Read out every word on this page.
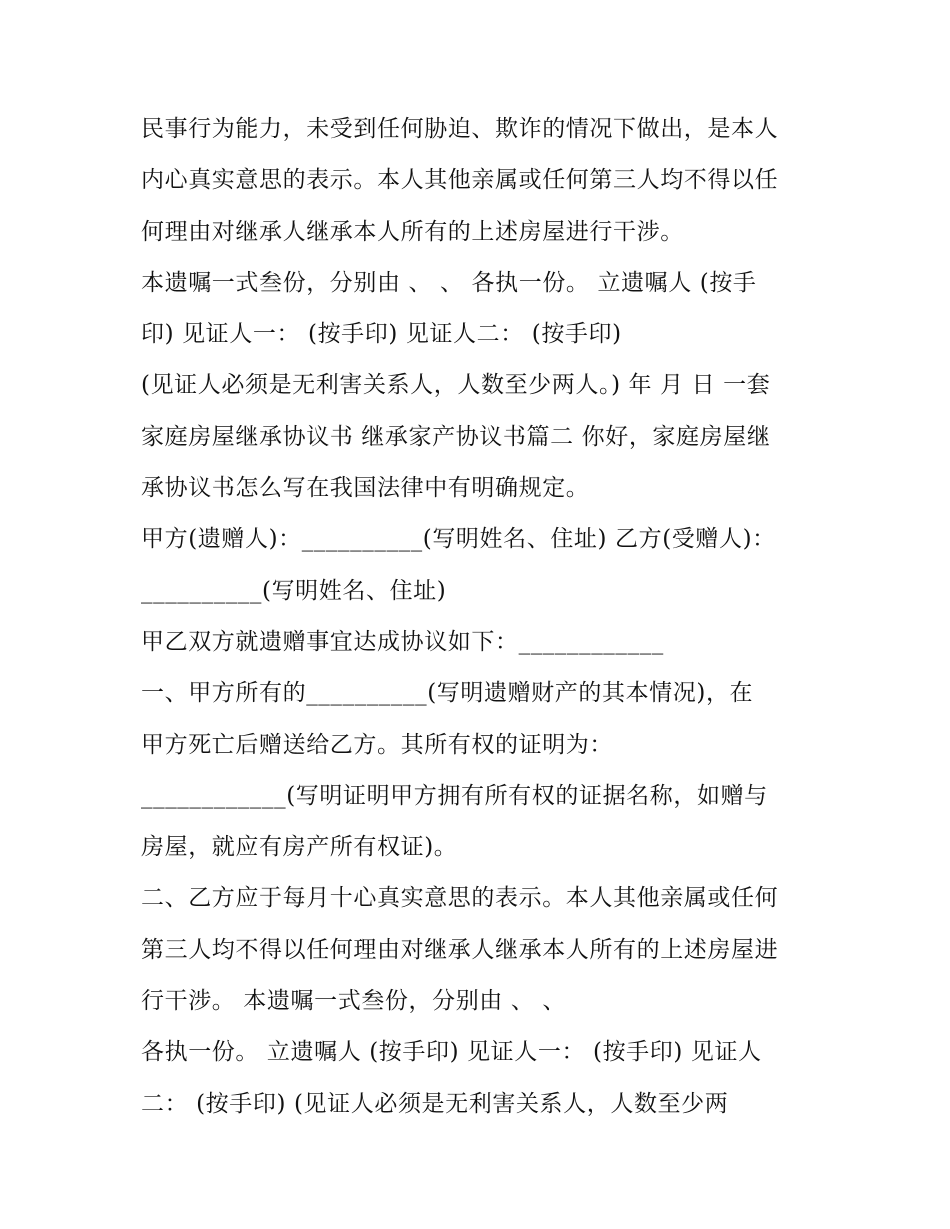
民事行为能力，未受到任何胁迫、欺诈的情况下做出，是本人
内心真实意思的表示。本人其他亲属或任何第三人均不得以任
何理由对继承人继承本人所有的上述房屋进行干涉。
本遗嘱一式叁份，分别由 、 、 各执一份。 立遗嘱人 (按手
印) 见证人一： (按手印) 见证人二： (按手印)
(见证人必须是无利害关系人，人数至少两人。) 年 月 日 一套
家庭房屋继承协议书 继承家产协议书篇二 你好，家庭房屋继
承协议书怎么写在我国法律中有明确规定。
甲方(遗赠人)：__________(写明姓名、住址) 乙方(受赠人)：
__________(写明姓名、住址)
甲乙双方就遗赠事宜达成协议如下：____________
一、甲方所有的__________(写明遗赠财产的其本情况)，在
甲方死亡后赠送给乙方。其所有权的证明为：
____________(写明证明甲方拥有所有权的证据名称，如赠与
房屋，就应有房产所有权证)。
二、乙方应于每月十心真实意思的表示。本人其他亲属或任何
第三人均不得以任何理由对继承人继承本人所有的上述房屋进
行干涉。 本遗嘱一式叁份，分别由 、 、
各执一份。 立遗嘱人 (按手印) 见证人一： (按手印) 见证人
二： (按手印) (见证人必须是无利害关系人，人数至少两
